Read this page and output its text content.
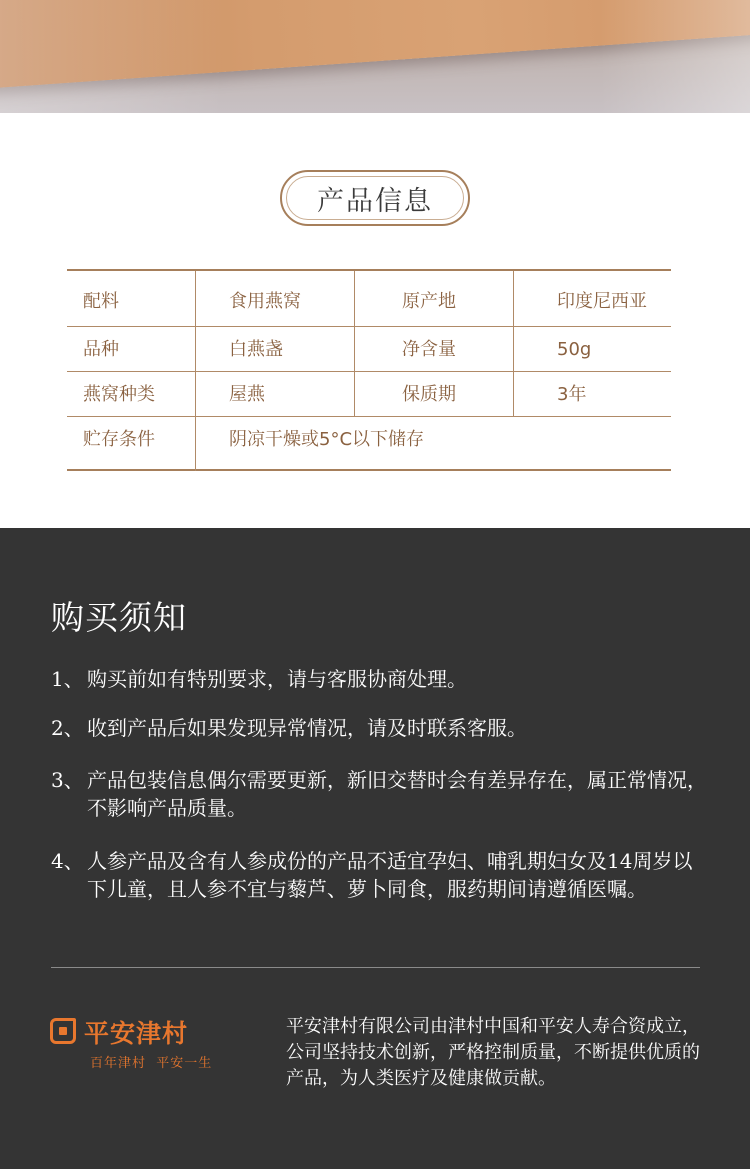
产品信息
配料	食用燕窝	原产地	印度尼西亚
品种	白燕盏	净含量	50g
燕窝种类	屋燕	保质期	3年
贮存条件	阴凉干燥或5°C以下储存
购买须知
1、 购买前如有特别要求，请与客服协商处理。
2、 收到产品后如果发现异常情况，请及时联系客服。
3、 产品包装信息偶尔需要更新，新旧交替时会有差异存在，属正常情况，不影响产品质量。
4、 人参产品及含有人参成份的产品不适宜孕妇、哺乳期妇女及14周岁以下儿童，且人参不宜与藜芦、萝卜同食，服药期间请遵循医嘱。
平安津村
百年津村  平安一生
平安津村有限公司由津村中国和平安人寿合资成立，公司坚持技术创新，严格控制质量，不断提供优质的产品，为人类医疗及健康做贡献。
